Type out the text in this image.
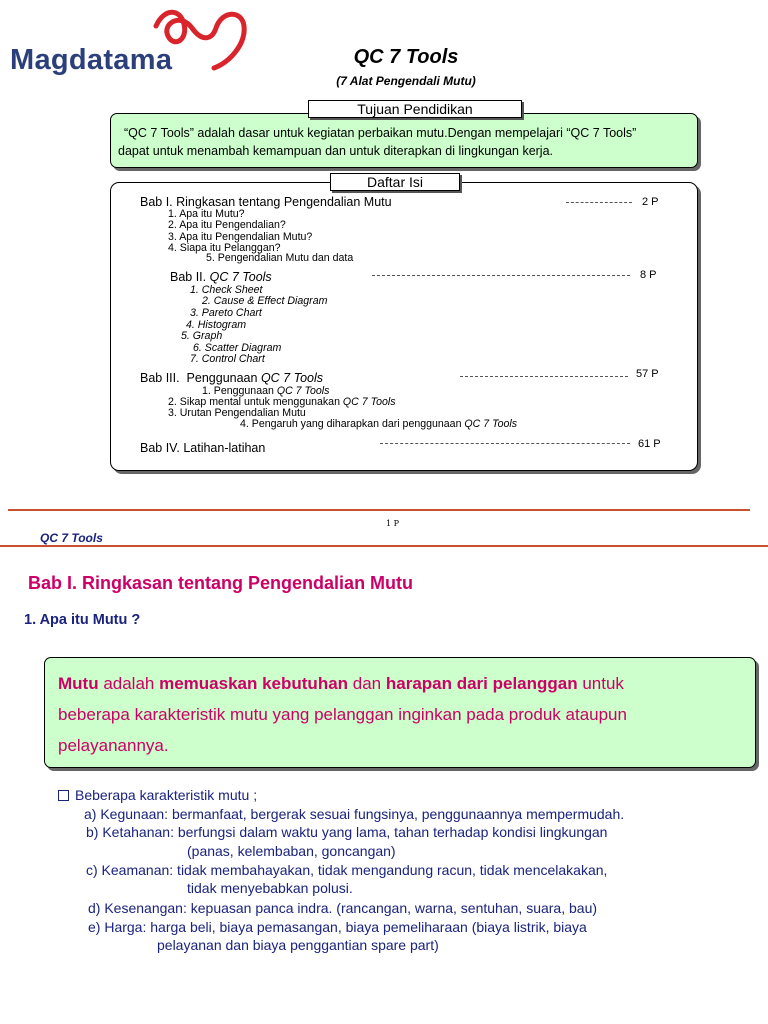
Magdatama	QC 7 Tools
(7 Alat Pengendali Mutu)
Tujuan Pendidikan
“QC 7 Tools” adalah dasar untuk kegiatan perbaikan mutu.Dengan mempelajari “QC 7 Tools”
dapat untuk menambah kemampuan dan untuk diterapkan di lingkungan kerja.
Daftar Isi
Bab I. Ringkasan tentang Pengendalian Mutu	2 P
1. Apa itu Mutu?
2. Apa itu Pengendalian?
3. Apa itu Pengendalian Mutu?
4. Siapa itu Pelanggan?
5. Pengendalian Mutu dan data
Bab II. QC 7 Tools	8 P
1. Check Sheet
2. Cause & Effect Diagram
3. Pareto Chart
4. Histogram
5. Graph
6. Scatter Diagram
7. Control Chart
Bab III.  Penggunaan QC 7 Tools	57 P
1. Penggunaan QC 7 Tools
2. Sikap mental untuk menggunakan QC 7 Tools
3. Urutan Pengendalian Mutu
4. Pengaruh yang diharapkan dari penggunaan QC 7 Tools
Bab IV. Latihan-latihan	61 P
1 P
QC 7 Tools
Bab I. Ringkasan tentang Pengendalian Mutu
1. Apa itu Mutu ?
Mutu adalah memuaskan kebutuhan dan harapan dari pelanggan untuk
beberapa karakteristik mutu yang pelanggan inginkan pada produk ataupun
pelayanannya.
Beberapa karakteristik mutu ;
a) Kegunaan: bermanfaat, bergerak sesuai fungsinya, penggunaannya mempermudah.
b) Ketahanan: berfungsi dalam waktu yang lama, tahan terhadap kondisi lingkungan
(panas, kelembaban, goncangan)
c) Keamanan: tidak membahayakan, tidak mengandung racun, tidak mencelakakan,
tidak menyebabkan polusi.
d) Kesenangan: kepuasan panca indra. (rancangan, warna, sentuhan, suara, bau)
e) Harga: harga beli, biaya pemasangan, biaya pemeliharaan (biaya listrik, biaya
pelayanan dan biaya penggantian spare part)
